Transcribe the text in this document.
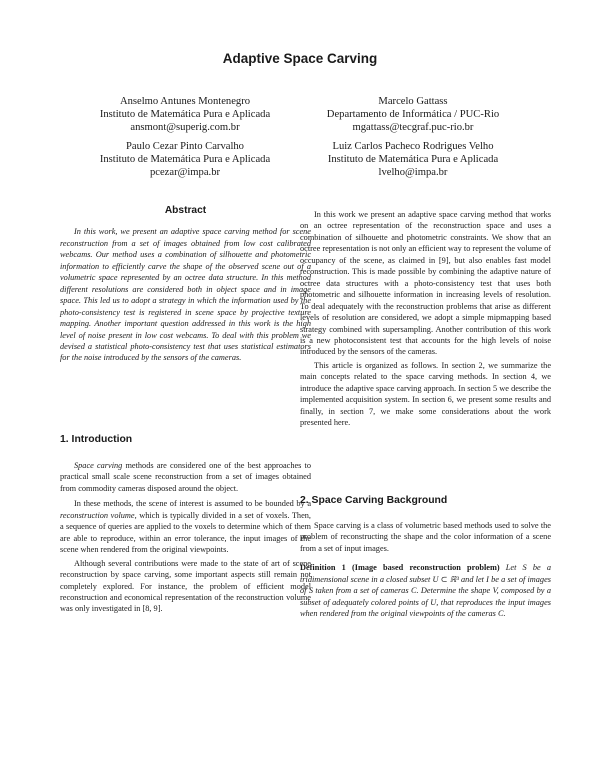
Adaptive Space Carving
Anselmo Antunes Montenegro
Instituto de Matemática Pura e Aplicada
ansmont@superig.com.br
Marcelo Gattass
Departamento de Informática / PUC-Rio
mgattass@tecgraf.puc-rio.br
Paulo Cezar Pinto Carvalho
Instituto de Matemática Pura e Aplicada
pcezar@impa.br
Luiz Carlos Pacheco Rodrigues Velho
Instituto de Matemática Pura e Aplicada
lvelho@impa.br
Abstract

In this work, we present an adaptive space carving method for scene reconstruction from a set of images obtained from low cost calibrated webcams. Our method uses a combination of silhouette and photometric information to efficiently carve the shape of the observed scene out of a volumetric space represented by an octree data structure. In this method different resolutions are considered both in object space and in image space. This led us to adopt a strategy in which the information used by the photo-consistency test is registered in scene space by projective texture mapping. Another important question addressed in this work is the high level of noise present in low cost webcams. To deal with this problem we devised a statistical photo-consistency test that uses statistical estimators for the noise introduced by the sensors of the cameras.

1. Introduction

Space carving methods are considered one of the best approaches to practical small scale scene reconstruction from a set of images obtained from commodity cameras disposed around the object.

In these methods, the scene of interest is assumed to be bounded by a reconstruction volume, which is typically divided in a set of voxels. Then, a sequence of queries are applied to the voxels to determine which of them are able to reproduce, within an error tolerance, the input images of the scene when rendered from the original viewpoints.

Although several contributions were made to the state of art of scene reconstruction by space carving, some important aspects still remain not completely explored. For instance, the problem of efficient model reconstruction and economical representation of the reconstruction volume was only investigated in [8, 9].

In this work we present an adaptive space carving method that works on an octree representation of the reconstruction space and uses a combination of silhouette and photometric constraints. We show that an octree representation is not only an efficient way to represent the volume of occupancy of the scene, as claimed in [9], but also enables fast model reconstruction. This is made possible by combining the adaptive nature of octree data structures with a photo-consistency test that uses both photometric and silhouette information in increasing levels of resolution. To deal adequately with the reconstruction problems that arise as different levels of resolution are considered, we adopt a simple mipmapping based strategy combined with supersampling. Another contribution of this work is a new photoconsistent test that accounts for the high levels of noise introduced by the sensors of the cameras.

This article is organized as follows. In section 2, we summarize the main concepts related to the space carving methods. In section 4, we introduce the adaptive space carving approach. In section 5 we describe the implemented acquisition system. In section 6, we present some results and finally, in section 7, we make some considerations about the work presented here.

2. Space Carving Background

Space carving is a class of volumetric based methods used to solve the problem of reconstructing the shape and the color information of a scene from a set of input images.

Definition 1 (Image based reconstruction problem) Let S be a tridimensional scene in a closed subset U ⊂ ℝ³ and let I be a set of images of S taken from a set of cameras C. Determine the shape V, composed by a subset of adequately colored points of U, that reproduces the input images when rendered from the original viewpoints of the cameras C.
